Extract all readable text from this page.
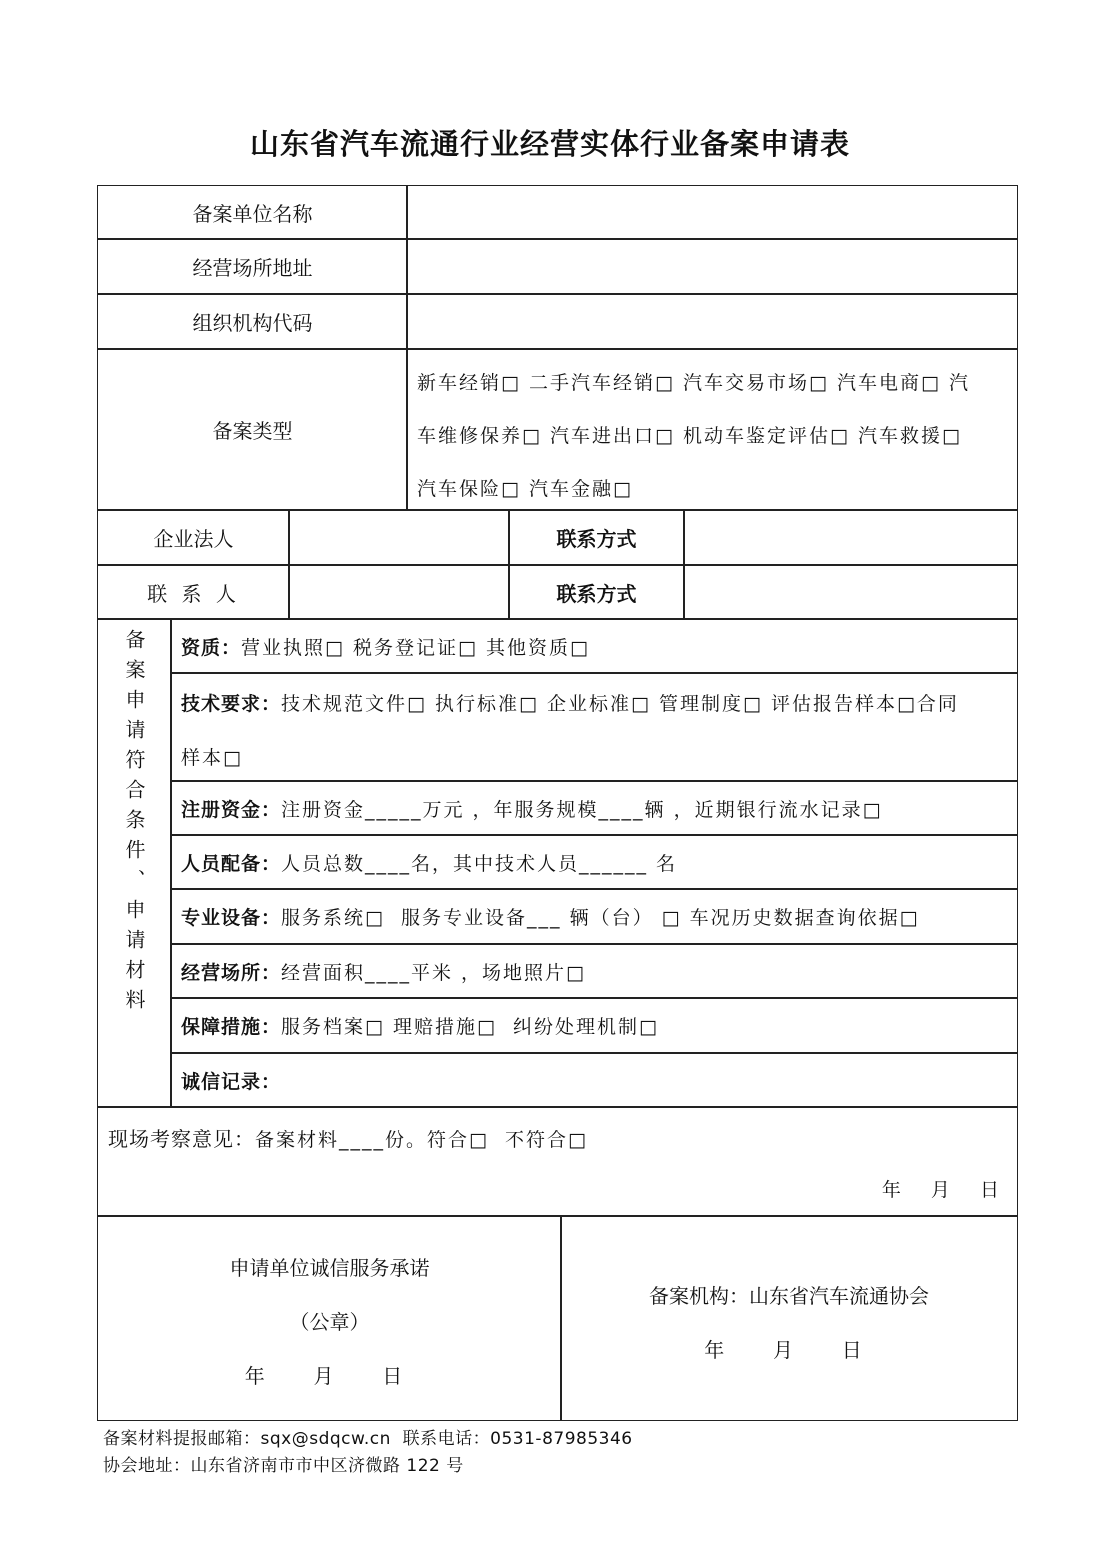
山东省汽车流通行业经营实体行业备案申请表
备案单位名称
经营场所地址
组织机构代码
备案类型
新车经销□ 二手汽车经销□ 汽车交易市场□ 汽车电商□ 汽
车维修保养□ 汽车进出口□ 机动车鉴定评估□ 汽车救援□
汽车保险□ 汽车金融□
企业法人	联系方式
联 系 人	联系方式
备案申请符合条件、申请材料 资质： 营业执照□ 税务登记证□ 其他资质□
技术要求：技术规范文件□ 执行标准□ 企业标准□ 管理制度□ 评估报告样本□合同
样本□
注册资金： 注册资金_____万元 ，年服务规模____辆 ，近期银行流水记录□
人员配备： 人员总数____名，其中技术人员______ 名
专业设备： 服务系统□  服务专业设备___ 辆（台） □ 车况历史数据查询依据□
经营场所： 经营面积____平米 ，场地照片□
保障措施： 服务档案□ 理赔措施□  纠纷处理机制□
诚信记录：
现场考察意见：备案材料____份。符合□  不符合□
年  月  日
申请单位诚信服务承诺
（公章）
年  月  日
备案机构：山东省汽车流通协会
年  月  日
备案材料提报邮箱：sqx@sdqcw.cn  联系电话：0531-87985346
协会地址：山东省济南市市中区济微路 122 号
